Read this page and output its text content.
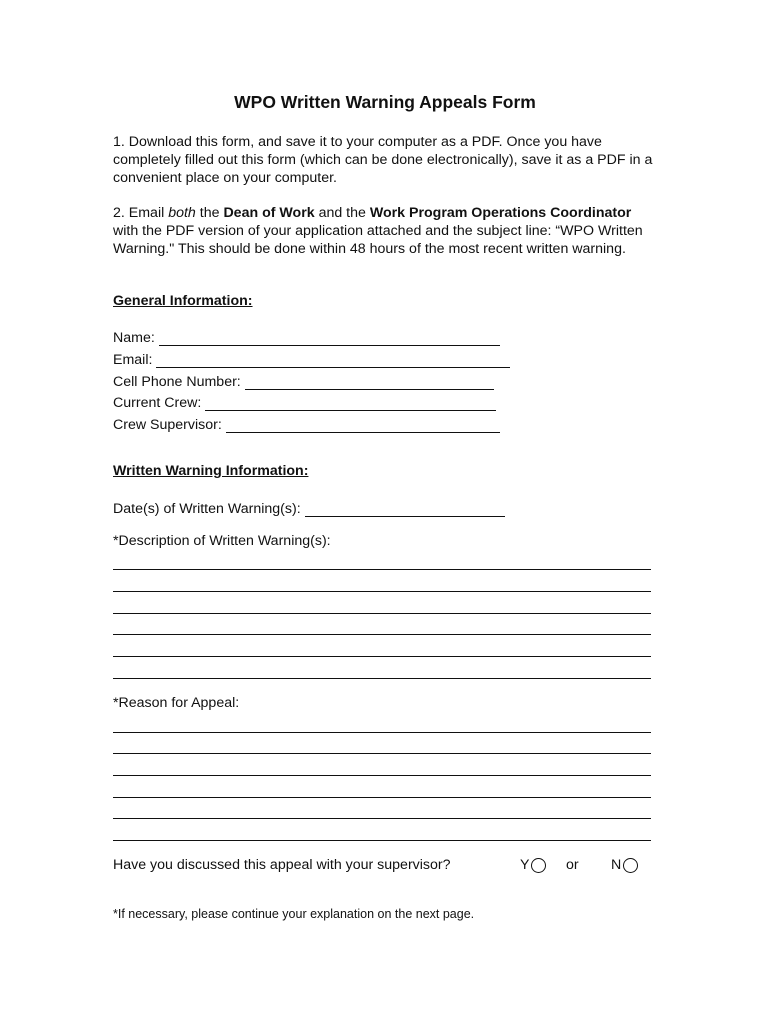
WPO Written Warning Appeals Form
1. Download this form, and save it to your computer as a PDF. Once you have completely filled out this form (which can be done electronically), save it as a PDF in a convenient place on your computer.
2. Email both the Dean of Work and the Work Program Operations Coordinator with the PDF version of your application attached and the subject line: “WPO Written Warning." This should be done within 48 hours of the most recent written warning.
General Information:
Name:
Email:
Cell Phone Number:
Current Crew:
Crew Supervisor:
Written Warning Information:
Date(s) of Written Warning(s):
*Description of Written Warning(s):
*Reason for Appeal:
Have you discussed this appeal with your supervisor?	Y	or N
*If necessary, please continue your explanation on the next page.
